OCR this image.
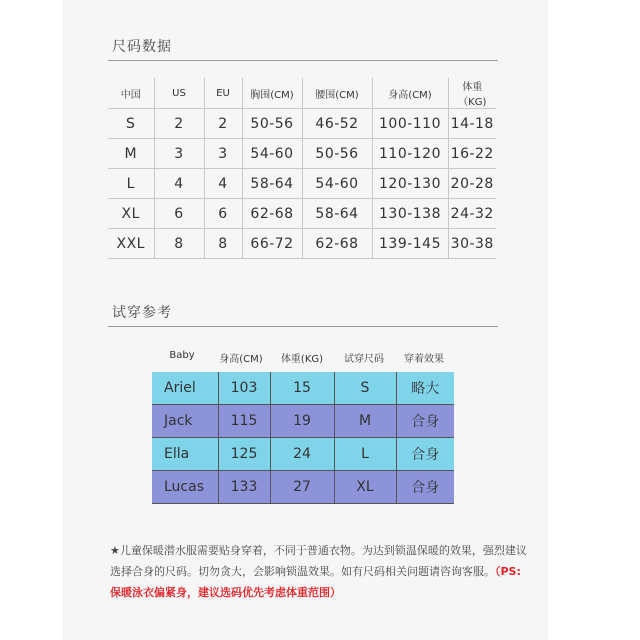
尺码数据
中国	US	EU	胸围(CM)	腰围(CM)	身高(CM)	体重（KG)
S	2	2	50-56	46-52	100-110	14-18
M	3	3	54-60	50-56	110-120	16-22
L	4	4	58-64	54-60	120-130	20-28
XL	6	6	62-68	58-64	130-138	24-32
XXL	8	8	66-72	62-68	139-145	30-38
试穿参考
Baby	身高(CM)	体重(KG)	试穿尺码	穿着效果
Ariel	103	15	S	略大
Jack	115	19	M	合身
Ella	125	24	L	合身
Lucas	133	27	XL	合身
★儿童保暖潜水服需要贴身穿着，不同于普通衣物。为达到锁温保暖的效果，强烈建议选择合身的尺码。切勿贪大，会影响锁温效果。如有尺码相关问题请咨询客服。（PS:保暖泳衣偏紧身，建议选码优先考虑体重范围）
